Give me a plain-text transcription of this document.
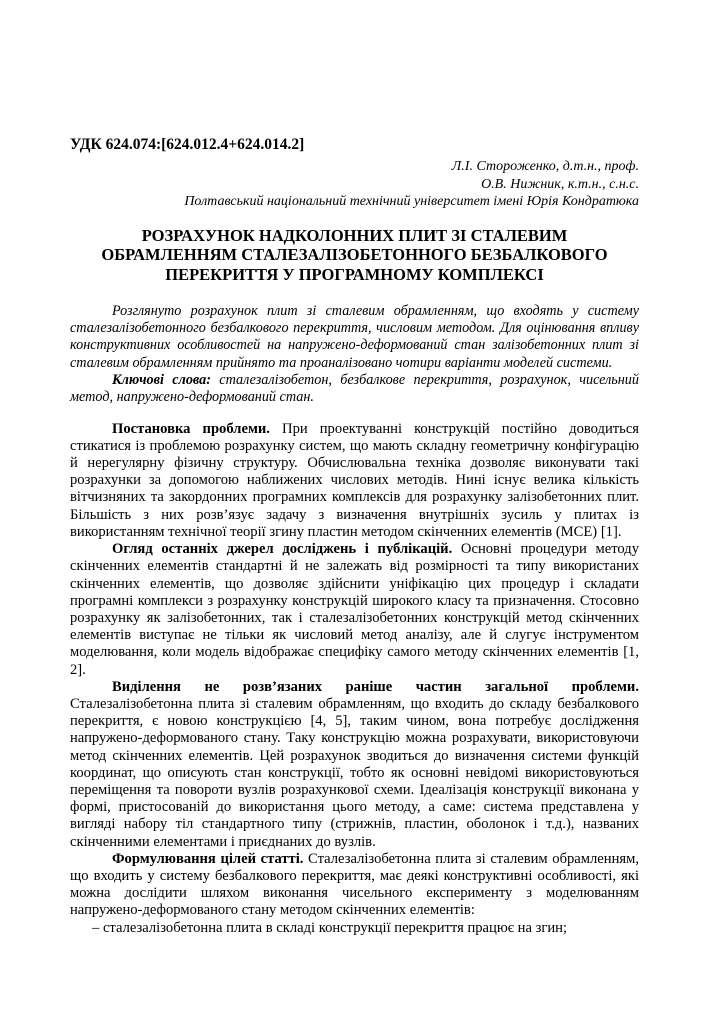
УДК 624.074:[624.012.4+624.014.2]
Л.І. Стороженко, д.т.н., проф.
О.В. Нижник, к.т.н., с.н.с.
Полтавський національний технічний університет імені Юрія Кондратюка
РОЗРАХУНОК НАДКОЛОННИХ ПЛИТ ЗІ СТАЛЕВИМ
ОБРАМЛЕННЯМ СТАЛЕЗАЛІЗОБЕТОННОГО БЕЗБАЛКОВОГО
ПЕРЕКРИТТЯ У ПРОГРАМНОМУ КОМПЛЕКСІ

Розглянуто розрахунок плит зі сталевим обрамленням, що входять у систему сталезалізобетонного безбалкового перекриття, числовим методом. Для оцінювання впливу конструктивних особливостей на напружено-деформований стан залізобетонних плит зі сталевим обрамленням прийнято та проаналізовано чотири варіанти моделей системи.

Ключові слова: сталезалізобетон, безбалкове перекриття, розрахунок, чисельний метод, напружено-деформований стан.

Постановка проблеми. При проектуванні конструкцій постійно доводиться стикатися із проблемою розрахунку систем, що мають складну геометричну конфігурацію й нерегулярну фізичну структуру. Обчислювальна техніка дозволяє виконувати такі розрахунки за допомогою наближених числових методів. Нині існує велика кількість вітчизняних та закордонних програмних комплексів для розрахунку залізобетонних плит. Більшість з них розв’язує задачу з визначення внутрішніх зусиль у плитах із використанням технічної теорії згину пластин методом скінченних елементів (МСЕ) [1].

Огляд останніх джерел досліджень і публікацій. Основні процедури методу скінченних елементів стандартні й не залежать від розмірності та типу використаних скінченних елементів, що дозволяє здійснити уніфікацію цих процедур і складати програмні комплекси з розрахунку конструкцій широкого класу та призначення. Стосовно розрахунку як залізобетонних, так і сталезалізобетонних конструкцій метод скінченних елементів виступає не тільки як числовий метод аналізу, але й слугує інструментом моделювання, коли модель відображає специфіку самого методу скінченних елементів [1, 2].

Виділення не розв’язаних раніше частин загальної проблеми. Сталезалізобетонна плита зі сталевим обрамленням, що входить до складу безбалкового перекриття, є новою конструкцією [4, 5], таким чином, вона потребує дослідження напружено-деформованого стану. Таку конструкцію можна розрахувати, використовуючи метод скінченних елементів. Цей розрахунок зводиться до визначення системи функцій координат, що описують стан конструкції, тобто як основні невідомі використовуються переміщення та повороти вузлів розрахункової схеми. Ідеалізація конструкції виконана у формі, пристосованій до використання цього методу, а саме: система представлена у вигляді набору тіл стандартного типу (стрижнів, пластин, оболонок і т.д.), названих скінченними елементами і приєднаних до вузлів.

Формулювання цілей статті. Сталезалізобетонна плита зі сталевим обрамленням, що входить у систему безбалкового перекриття, має деякі конструктивні особливості, які можна дослідити шляхом виконання чисельного експерименту з моделюванням напружено-деформованого стану методом скінченних елементів:

– сталезалізобетонна плита в складі конструкції перекриття працює на згин;
